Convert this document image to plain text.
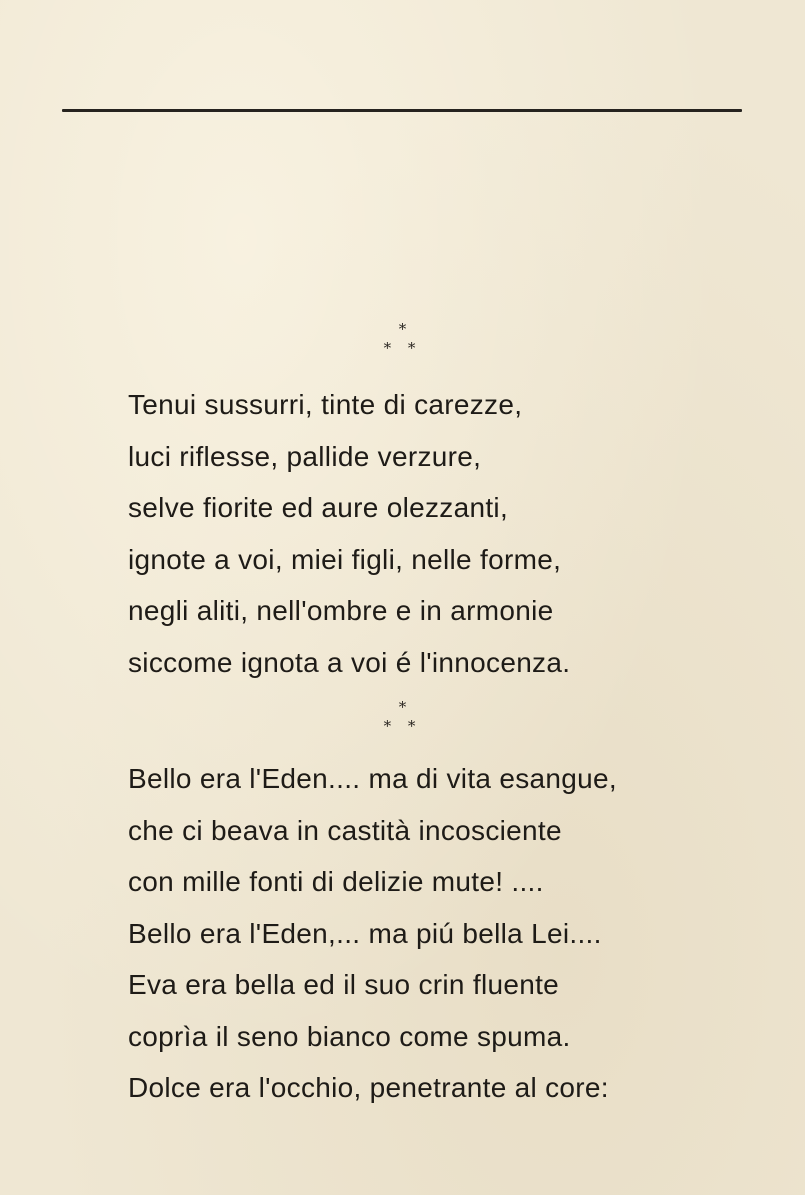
*
* *
Tenui sussurri, tinte di carezze,
luci riflesse, pallide verzure,
selve fiorite ed aure olezzanti,
ignote a voi, miei figli, nelle forme,
negli aliti, nell'ombre e in armonie
siccome ignota a voi é l'innocenza.
*
* *
Bello era l'Eden.... ma di vita esangue,
che ci beava in castità incosciente
con mille fonti di delizie mute! ....
Bello era l'Eden,... ma piú bella Lei....
Eva era bella ed il suo crin fluente
coprìa il seno bianco come spuma.
Dolce era l'occhio, penetrante al core:
